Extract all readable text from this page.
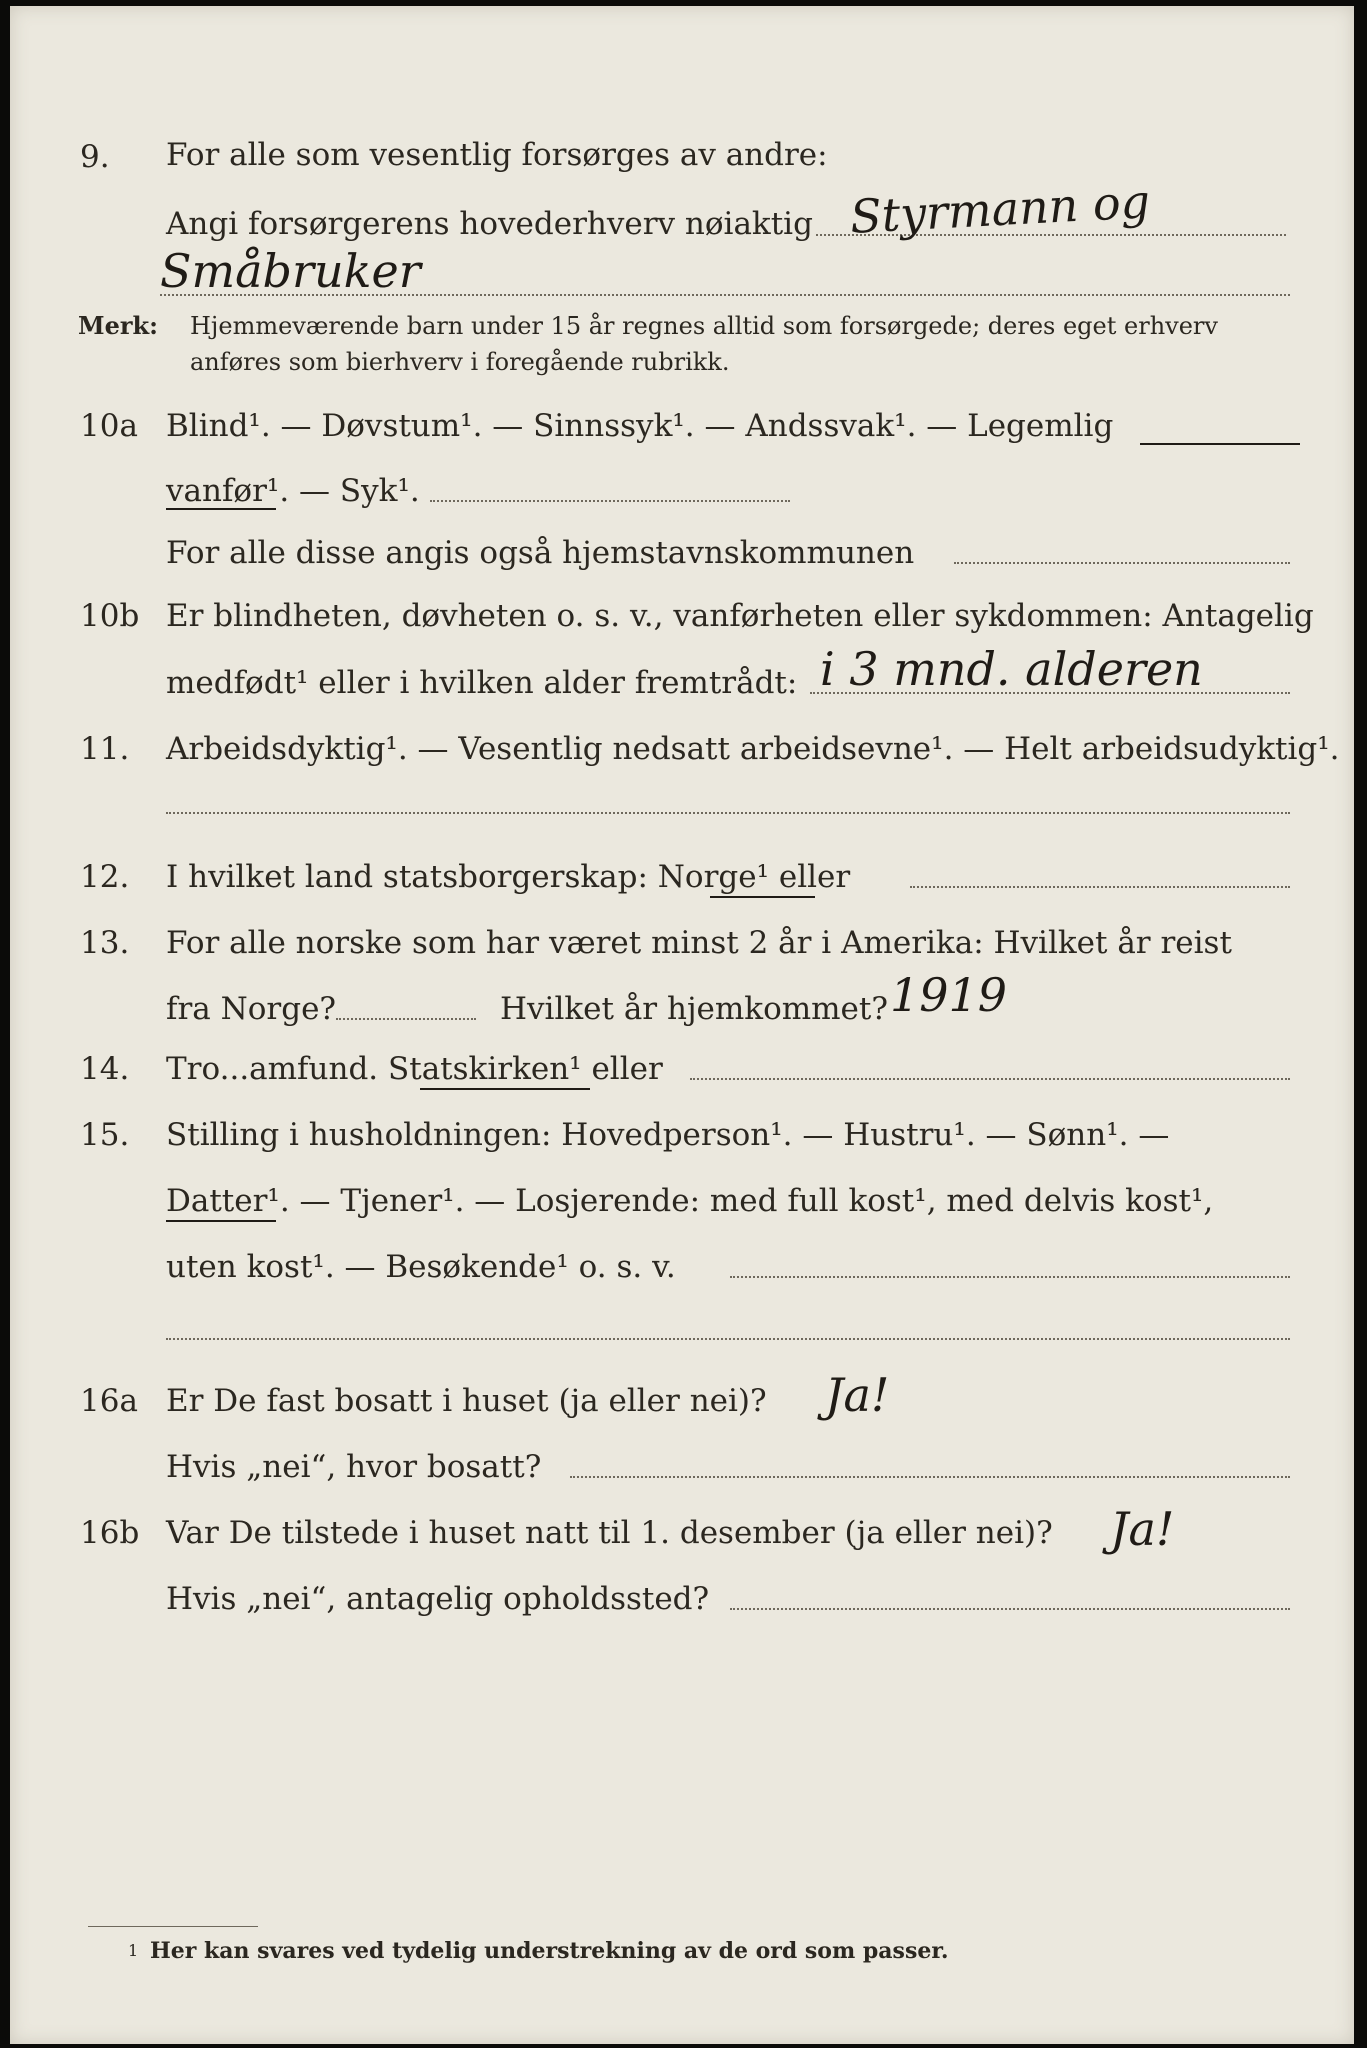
9. For alle som vesentlig forsørges av andre:
Angi forsørgerens hovederhverv nøiaktig Styrmann og
Småbruker
Merk: Hjemmeværende barn under 15 år regnes alltid som forsørgede; deres eget erhverv
anføres som bierhverv i foregående rubrikk.
10a Blind¹. — Døvstum¹. — Sinnssyk¹. — Andssvak¹. — Legemlig
vanfør¹. — Syk¹.
For alle disse angis også hjemstavnskommunen
10b Er blindheten, døvheten o. s. v., vanførheten eller sykdommen: Antagelig
medfødt¹ eller i hvilken alder fremtrådt: i 3 mnd. alderen
11. Arbeidsdyktig¹. — Vesentlig nedsatt arbeidsevne¹. — Helt arbeidsudyktig¹.
12. I hvilket land statsborgerskap: Norge¹ eller
13. For alle norske som har været minst 2 år i Amerika: Hvilket år reist
fra Norge?	Hvilket år hjemkommet? 1919
14. Tro...amfund. Statskirken¹ eller
15. Stilling i husholdningen: Hovedperson¹. — Hustru¹. — Sønn¹. —
Datter¹. — Tjener¹. — Losjerende: med full kost¹, med delvis kost¹,
uten kost¹. — Besøkende¹ o. s. v.
16a Er De fast bosatt i huset (ja eller nei)? Ja!
Hvis „nei“, hvor bosatt?
16b Var De tilstede i huset natt til 1. desember (ja eller nei)? Ja!
Hvis „nei“, antagelig opholdssted?
1 Her kan svares ved tydelig understrekning av de ord som passer.
